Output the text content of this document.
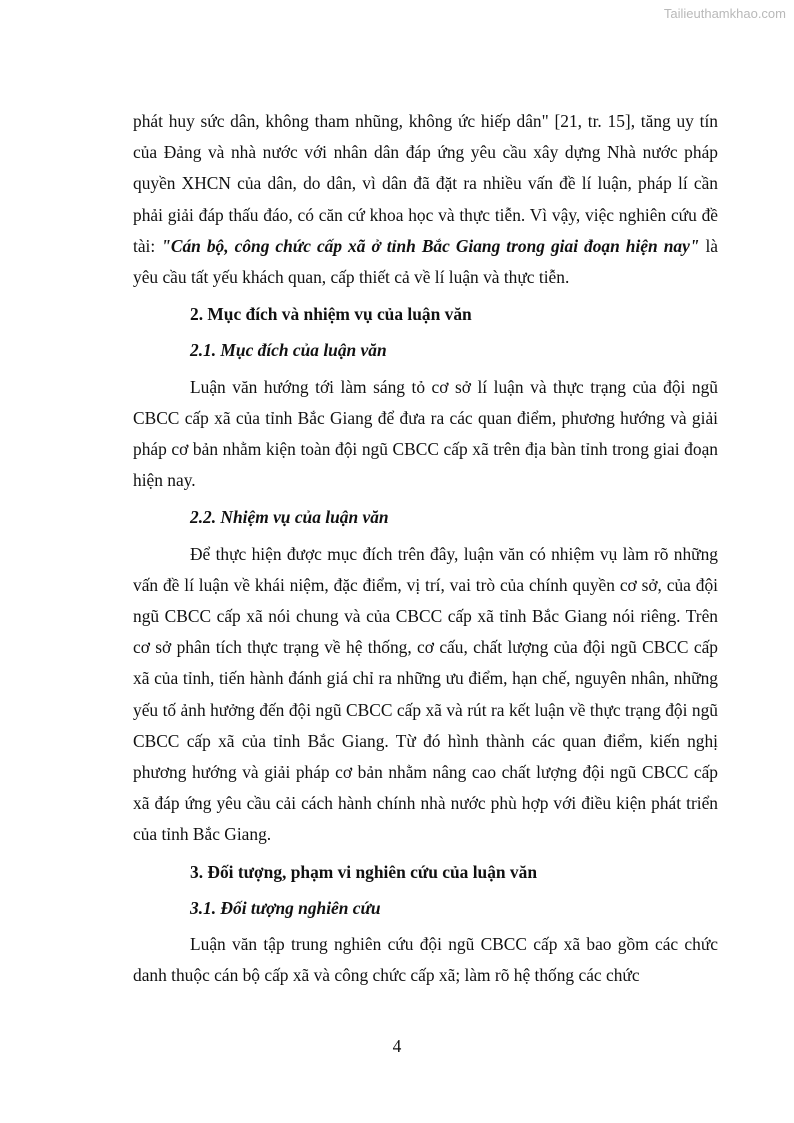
Tailieuthamkhao.com

phát huy sức dân, không tham nhũng, không ức hiếp dân" [21, tr. 15], tăng uy tín của Đảng và nhà nước với nhân dân đáp ứng yêu cầu xây dựng Nhà nước pháp quyền XHCN của dân, do dân, vì dân đã đặt ra nhiều vấn đề lí luận, pháp lí cần phải giải đáp thấu đáo, có căn cứ khoa học và thực tiễn. Vì vậy, việc nghiên cứu đề tài: "Cán bộ, công chức cấp xã ở tỉnh Bắc Giang trong giai đoạn hiện nay" là yêu cầu tất yếu khách quan, cấp thiết cả về lí luận và thực tiễn.

2. Mục đích và nhiệm vụ của luận văn

2.1. Mục đích của luận văn

Luận văn hướng tới làm sáng tỏ cơ sở lí luận và thực trạng của đội ngũ CBCC cấp xã của tỉnh Bắc Giang để đưa ra các quan điểm, phương hướng và giải pháp cơ bản nhằm kiện toàn đội ngũ CBCC cấp xã trên địa bàn tỉnh trong giai đoạn hiện nay.

2.2. Nhiệm vụ của luận văn

Để thực hiện được mục đích trên đây, luận văn có nhiệm vụ làm rõ những vấn đề lí luận về khái niệm, đặc điểm, vị trí, vai trò của chính quyền cơ sở, của đội ngũ CBCC cấp xã nói chung và của CBCC cấp xã tỉnh Bắc Giang nói riêng. Trên cơ sở phân tích thực trạng về hệ thống, cơ cấu, chất lượng của đội ngũ CBCC cấp xã của tỉnh, tiến hành đánh giá chỉ ra những ưu điểm, hạn chế, nguyên nhân, những yếu tố ảnh hưởng đến đội ngũ CBCC cấp xã và rút ra kết luận về thực trạng đội ngũ CBCC cấp xã của tỉnh Bắc Giang. Từ đó hình thành các quan điểm, kiến nghị phương hướng và giải pháp cơ bản nhằm nâng cao chất lượng đội ngũ CBCC cấp xã đáp ứng yêu cầu cải cách hành chính nhà nước phù hợp với điều kiện phát triển của tỉnh Bắc Giang.

3. Đối tượng, phạm vi nghiên cứu của luận văn

3.1. Đối tượng nghiên cứu

Luận văn tập trung nghiên cứu đội ngũ CBCC cấp xã bao gồm các chức danh thuộc cán bộ cấp xã và công chức cấp xã; làm rõ hệ thống các chức

4
